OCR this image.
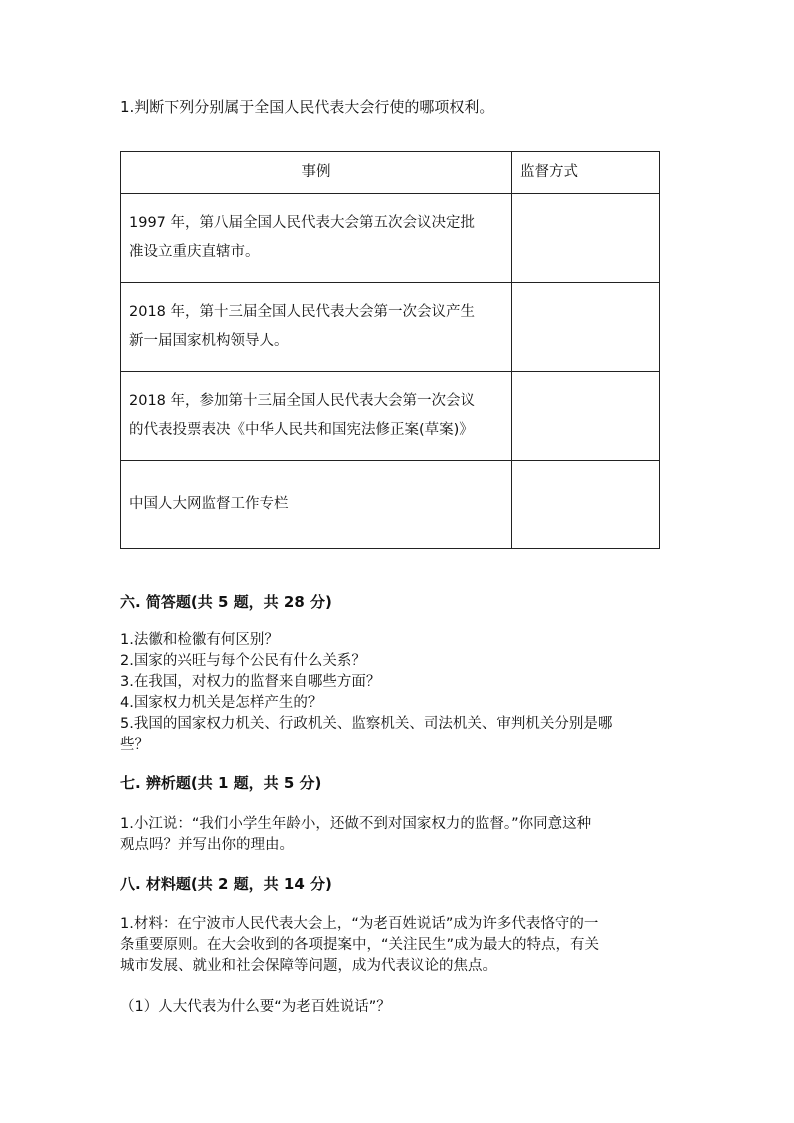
1.判断下列分别属于全国人民代表大会行使的哪项权利。
事例	监督方式

1997 年，第八届全国人民代表大会第五次会议决定批
准设立重庆直辖市。	

2018 年，第十三届全国人民代表大会第一次会议产生
新一届国家机构领导人。	

2018 年，参加第十三届全国人民代表大会第一次会议
的代表投票表决《中华人民共和国宪法修正案(草案)》	

中国人大网监督工作专栏	

六. 简答题(共 5 题，共 28 分)
1.法徽和检徽有何区别？
2.国家的兴旺与每个公民有什么关系？
3.在我国，对权力的监督来自哪些方面？
4.国家权力机关是怎样产生的？
5.我国的国家权力机关、行政机关、监察机关、司法机关、审判机关分别是哪
些？
七. 辨析题(共 1 题，共 5 分)
1.小江说：“我们小学生年龄小，还做不到对国家权力的监督。”你同意这种
观点吗？并写出你的理由。
八. 材料题(共 2 题，共 14 分)
1.材料：在宁波市人民代表大会上，“为老百姓说话”成为许多代表恪守的一
条重要原则。在大会收到的各项提案中，“关注民生”成为最大的特点，有关
城市发展、就业和社会保障等问题，成为代表议论的焦点。
（1）人大代表为什么要“为老百姓说话”？
